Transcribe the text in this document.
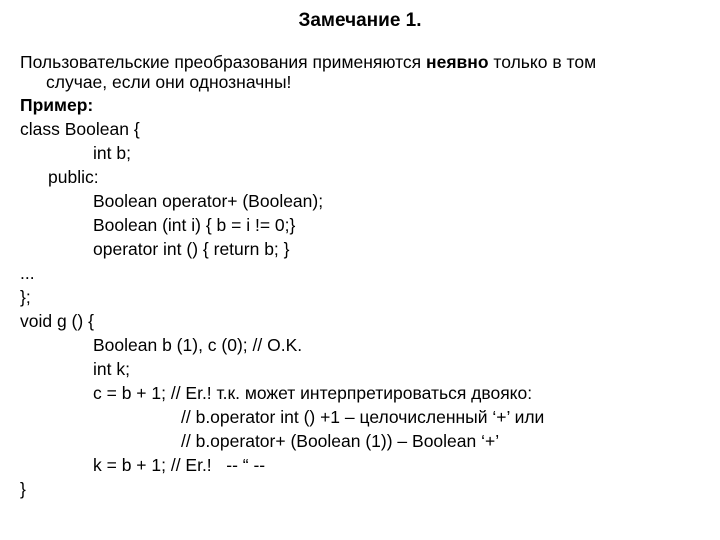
Замечание 1.
Пользовательские преобразования применяются неявно только в том
случае, если они однозначны!
Пример:
class Boolean {
int b;
public:
Boolean operator+ (Boolean);
Boolean (int i) { b = i != 0;}
operator int () { return b; }
...
};
void g () {
Boolean b (1), c (0); // O.K.
int k;
c = b + 1; // Er.! т.к. может интерпретироваться двояко:
// b.operator int () +1 – целочисленный ‘+’ или
// b.operator+ (Boolean (1)) – Boolean ‘+’
k = b + 1; // Er.!   -- “ --
}
